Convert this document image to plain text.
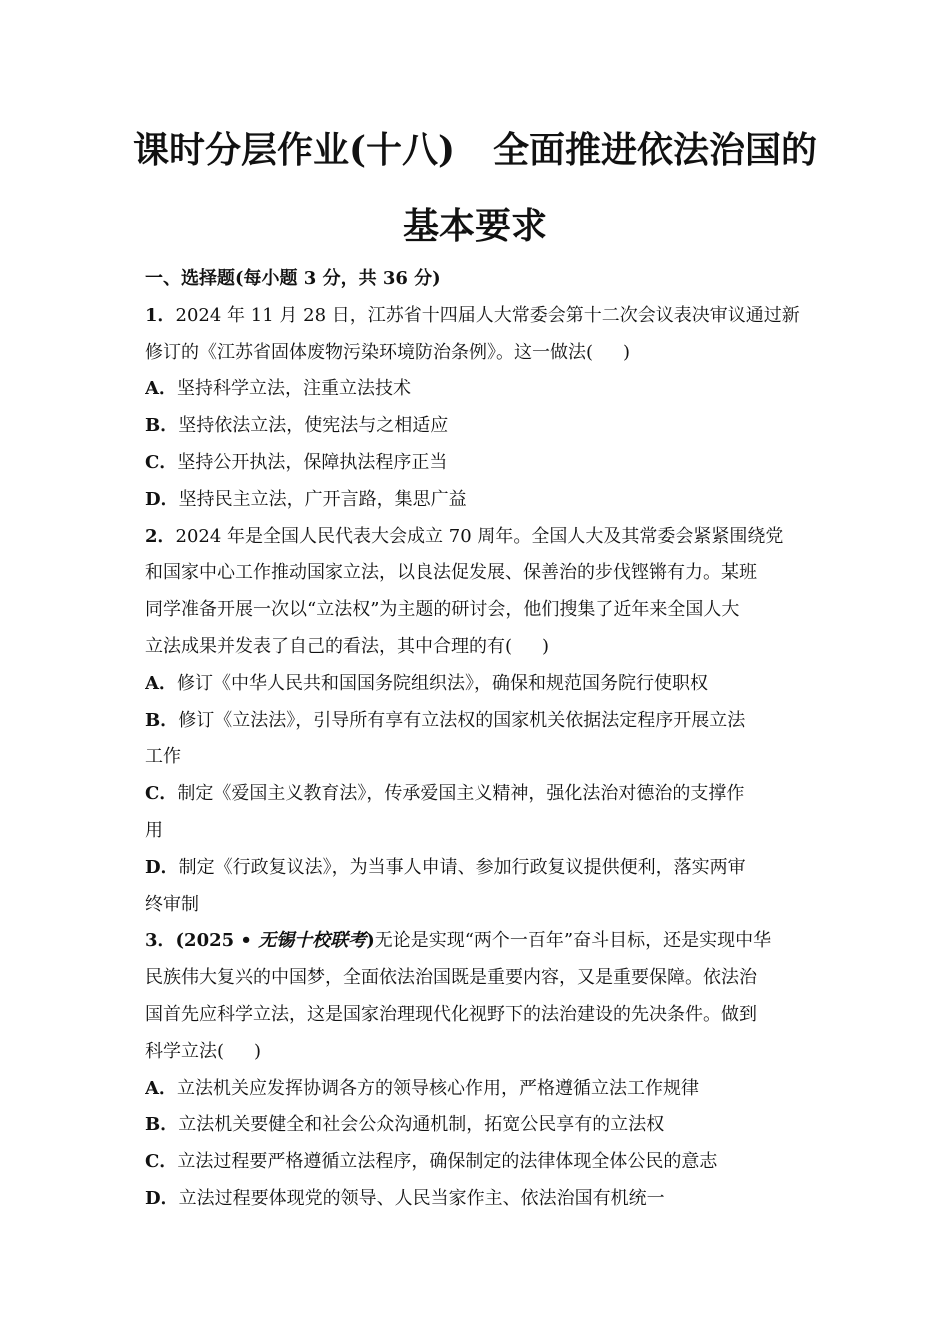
课时分层作业(十八) 全面推进依法治国的
基本要求
一、选择题(每小题 3 分，共 36 分)
1．2024 年 11 月 28 日，江苏省十四届人大常委会第十二次会议表决审议通过新
修订的《江苏省固体废物污染环境防治条例》。这一做法( )
A．坚持科学立法，注重立法技术
B．坚持依法立法，使宪法与之相适应
C．坚持公开执法，保障执法程序正当
D．坚持民主立法，广开言路，集思广益
2．2024 年是全国人民代表大会成立 70 周年。全国人大及其常委会紧紧围绕党
和国家中心工作推动国家立法，以良法促发展、保善治的步伐铿锵有力。某班
同学准备开展一次以“立法权”为主题的研讨会，他们搜集了近年来全国人大
立法成果并发表了自己的看法，其中合理的有( )
A．修订《中华人民共和国国务院组织法》，确保和规范国务院行使职权
B．修订《立法法》，引导所有享有立法权的国家机关依据法定程序开展立法
工作
C．制定《爱国主义教育法》，传承爱国主义精神，强化法治对德治的支撑作
用
D．制定《行政复议法》，为当事人申请、参加行政复议提供便利，落实两审
终审制
3．(2025 • 无锡十校联考)无论是实现“两个一百年”奋斗目标，还是实现中华
民族伟大复兴的中国梦，全面依法治国既是重要内容，又是重要保障。依法治
国首先应科学立法，这是国家治理现代化视野下的法治建设的先决条件。做到
科学立法( )
A．立法机关应发挥协调各方的领导核心作用，严格遵循立法工作规律
B．立法机关要健全和社会公众沟通机制，拓宽公民享有的立法权
C．立法过程要严格遵循立法程序，确保制定的法律体现全体公民的意志
D．立法过程要体现党的领导、人民当家作主、依法治国有机统一
